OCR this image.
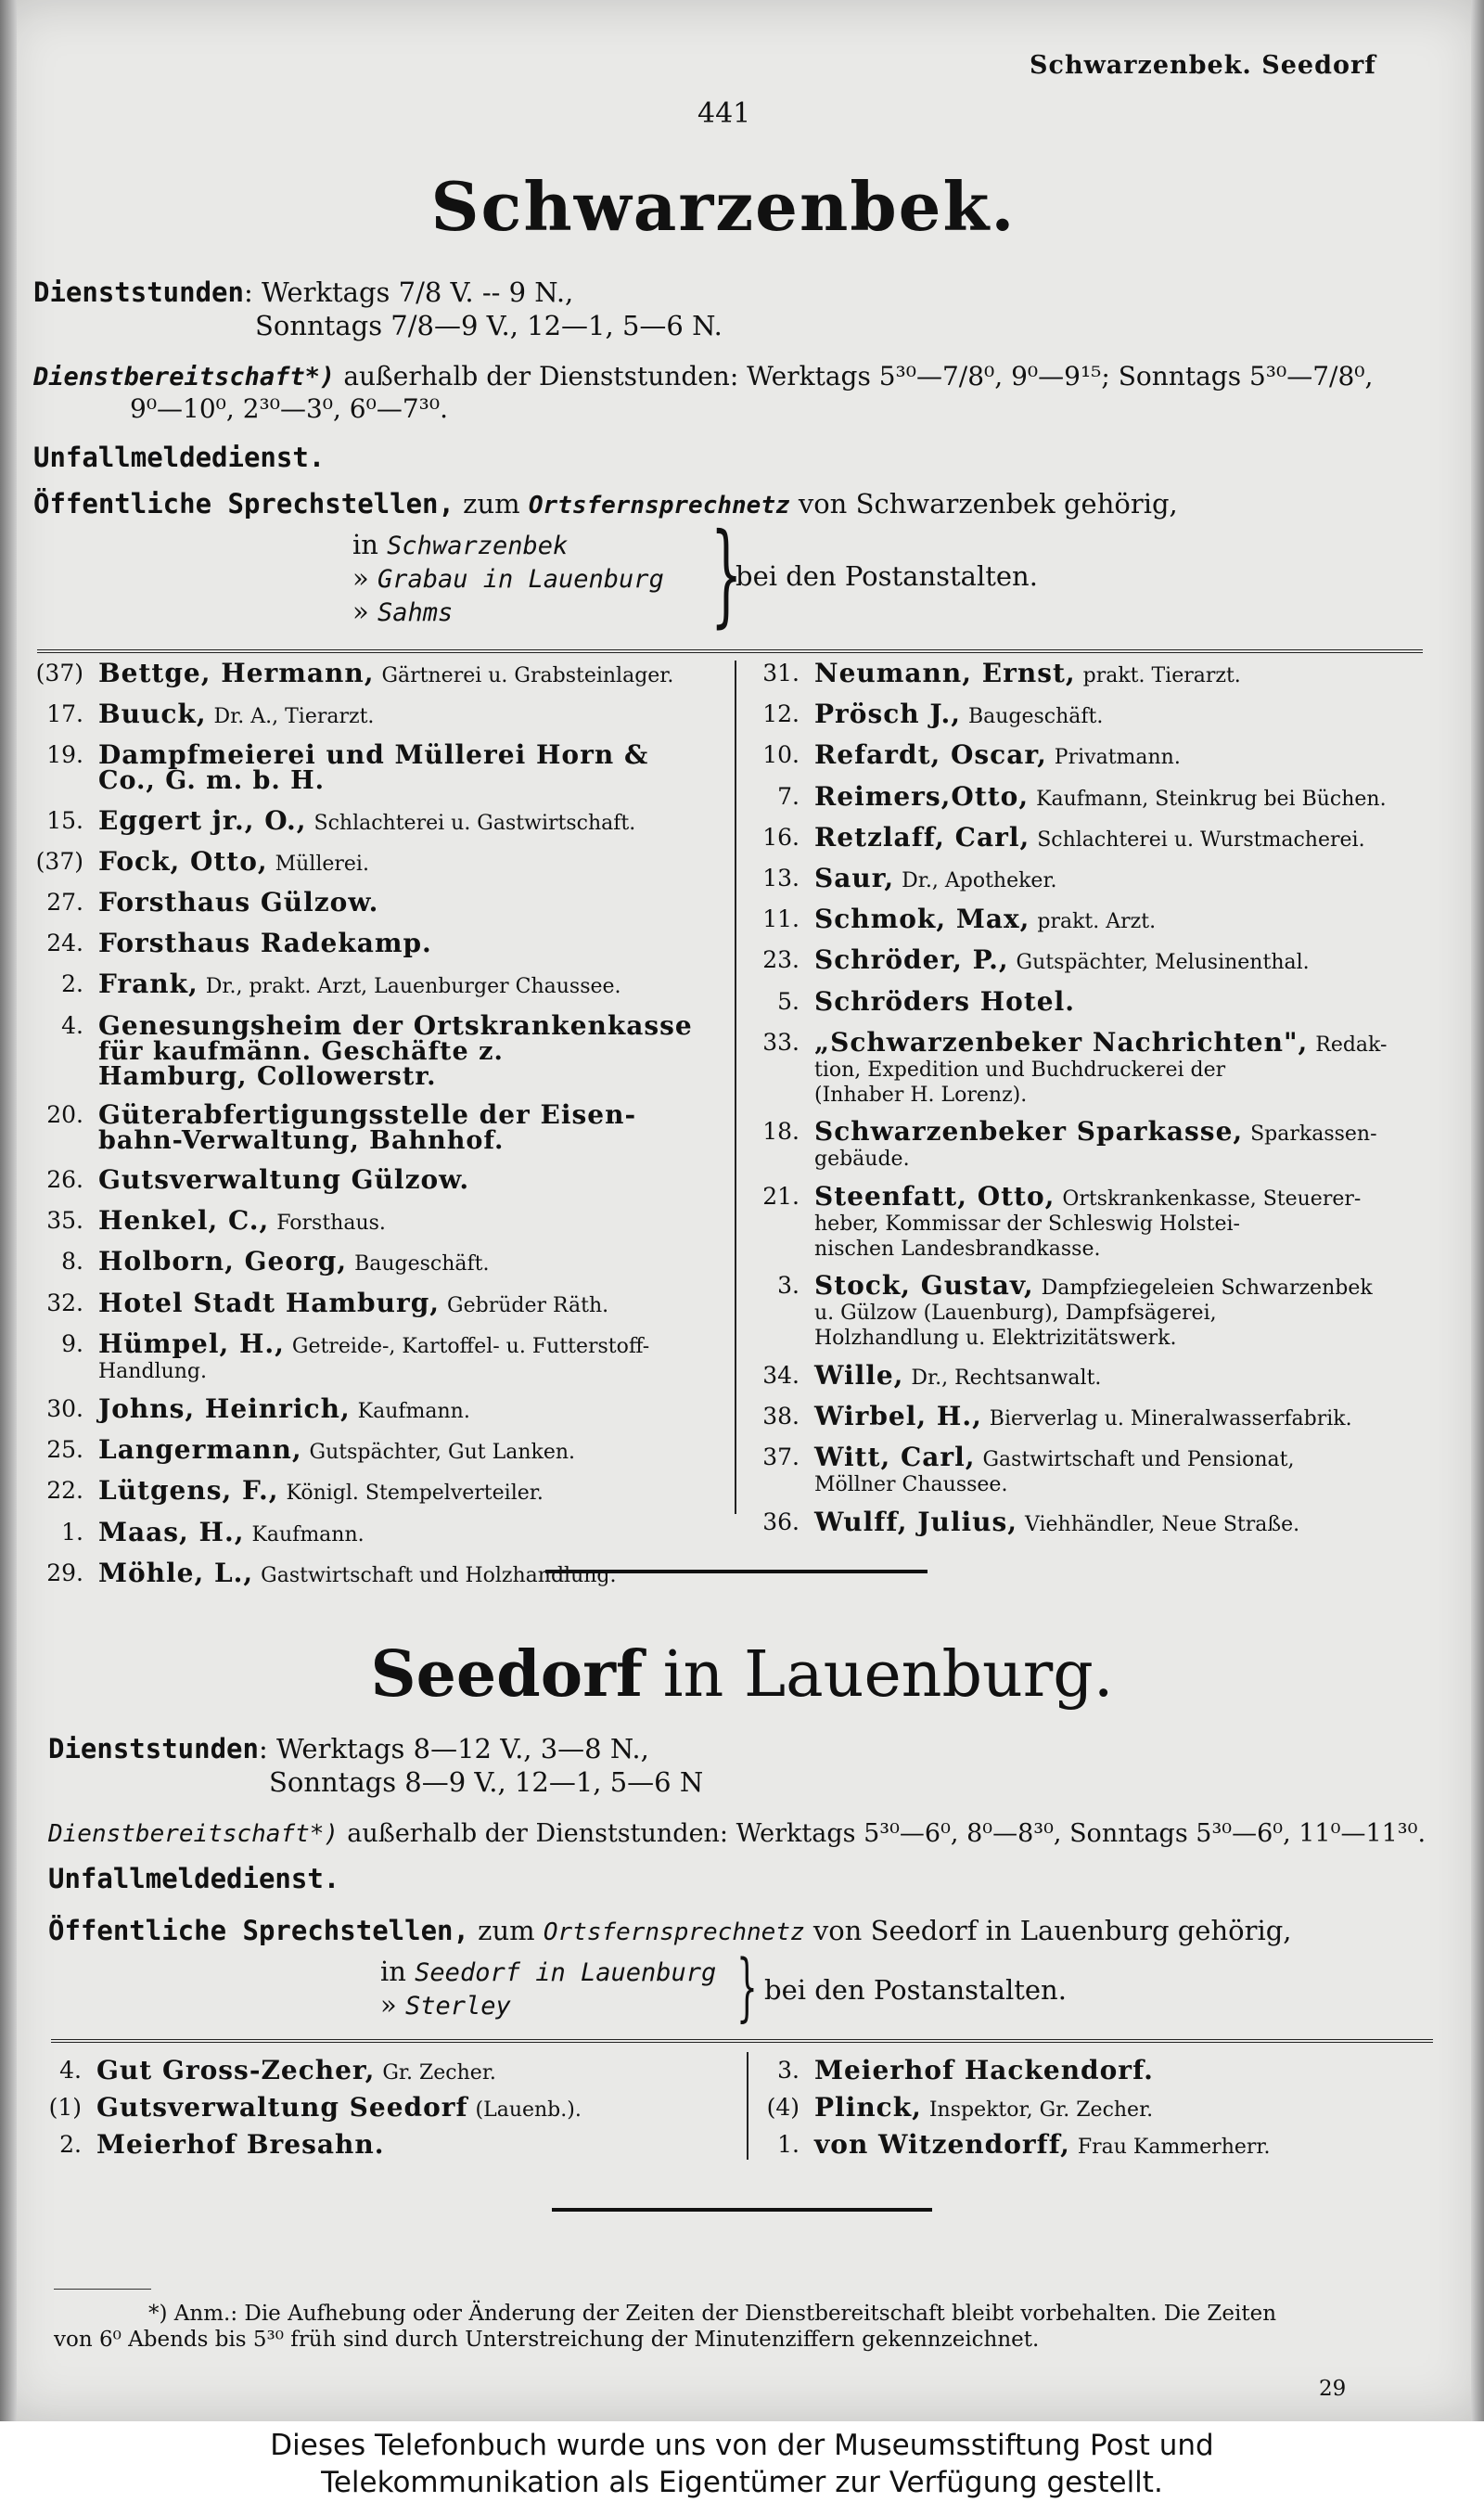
Schwarzenbek. Seedorf
441
Schwarzenbek.
Dienststunden: Werktags 7/8 V. -- 9 N.,
Sonntags 7/8—9 V., 12—1, 5—6 N.
Dienstbereitschaft*) außerhalb der Dienststunden: Werktags 5³⁰—7/8⁰, 9⁰—9¹⁵; Sonntags 5³⁰—7/8⁰,
9⁰—10⁰, 2³⁰—3⁰, 6⁰—7³⁰.
Unfallmeldedienst.
Öffentliche Sprechstellen, zum Ortsfernsprechnetz von Schwarzenbek gehörig,
in Schwarzenbek
» Grabau in Lauenburg
» Sahms	}
bei den Postanstalten.
(37) Bettge, Hermann, Gärtnerei u. Grabsteinlager.
17. Buuck, Dr. A., Tierarzt.
19. Dampfmeierei und Müllerei Horn &
Co., G. m. b. H.
15. Eggert jr., O., Schlachterei u. Gastwirtschaft.
(37) Fock, Otto, Müllerei.
27. Forsthaus Gülzow.
24. Forsthaus Radekamp.
2. Frank, Dr., prakt. Arzt, Lauenburger Chaussee.
4. Genesungsheim der Ortskrankenkasse
für kaufmänn. Geschäfte z.
Hamburg, Collowerstr.
20. Güterabfertigungsstelle der Eisen-
bahn-Verwaltung, Bahnhof.
26. Gutsverwaltung Gülzow.
35. Henkel, C., Forsthaus.
8. Holborn, Georg, Baugeschäft.
32. Hotel Stadt Hamburg, Gebrüder Räth.
9. Hümpel, H., Getreide-, Kartoffel- u. Futterstoff-
Handlung.
30. Johns, Heinrich, Kaufmann.
25. Langermann, Gutspächter, Gut Lanken.
22. Lütgens, F., Königl. Stempelverteiler.
1. Maas, H., Kaufmann.
29. Möhle, L., Gastwirtschaft und Holzhandlung.
31. Neumann, Ernst, prakt. Tierarzt.
12. Prösch J., Baugeschäft.
10. Refardt, Oscar, Privatmann.
7. Reimers,Otto, Kaufmann, Steinkrug bei Büchen.
16. Retzlaff, Carl, Schlachterei u. Wurstmacherei.
13. Saur, Dr., Apotheker.
11. Schmok, Max, prakt. Arzt.
23. Schröder, P., Gutspächter, Melusinenthal.
5. Schröders Hotel.
33. „Schwarzenbeker Nachrichten", Redak-
tion, Expedition und Buchdruckerei der
(Inhaber H. Lorenz).
18. Schwarzenbeker Sparkasse, Sparkassen-
gebäude.
21. Steenfatt, Otto, Ortskrankenkasse, Steuerer-
heber, Kommissar der Schleswig Holstei-
nischen Landesbrandkasse.
3. Stock, Gustav, Dampfziegeleien Schwarzenbek
u. Gülzow (Lauenburg), Dampfsägerei,
Holzhandlung u. Elektrizitätswerk.
34. Wille, Dr., Rechtsanwalt.
38. Wirbel, H., Bierverlag u. Mineralwasserfabrik.
37. Witt, Carl, Gastwirtschaft und Pensionat,
Möllner Chaussee.
36. Wulff, Julius, Viehhändler, Neue Straße.
Seedorf in Lauenburg.
Dienststunden: Werktags 8—12 V., 3—8 N.,
Sonntags 8—9 V., 12—1, 5—6 N
Dienstbereitschaft*) außerhalb der Dienststunden: Werktags 5³⁰—6⁰, 8⁰—8³⁰, Sonntags 5³⁰—6⁰, 11⁰—11³⁰.
Unfallmeldedienst.
Öffentliche Sprechstellen, zum Ortsfernsprechnetz von Seedorf in Lauenburg gehörig,
in Seedorf in Lauenburg
» Sterley	} bei den Postanstalten.
4. Gut Gross-Zecher, Gr. Zecher.
(1) Gutsverwaltung Seedorf (Lauenb.).
2. Meierhof Bresahn.
3. Meierhof Hackendorf.
(4) Plinck, Inspektor, Gr. Zecher.
1. von Witzendorff, Frau Kammerherr.
*) Anm.: Die Aufhebung oder Änderung der Zeiten der Dienstbereitschaft bleibt vorbehalten. Die Zeiten
von 6⁰ Abends bis 5³⁰ früh sind durch Unterstreichung der Minutenziffern gekennzeichnet.
29
Dieses Telefonbuch wurde uns von der Museumsstiftung Post und
Telekommunikation als Eigentümer zur Verfügung gestellt.
